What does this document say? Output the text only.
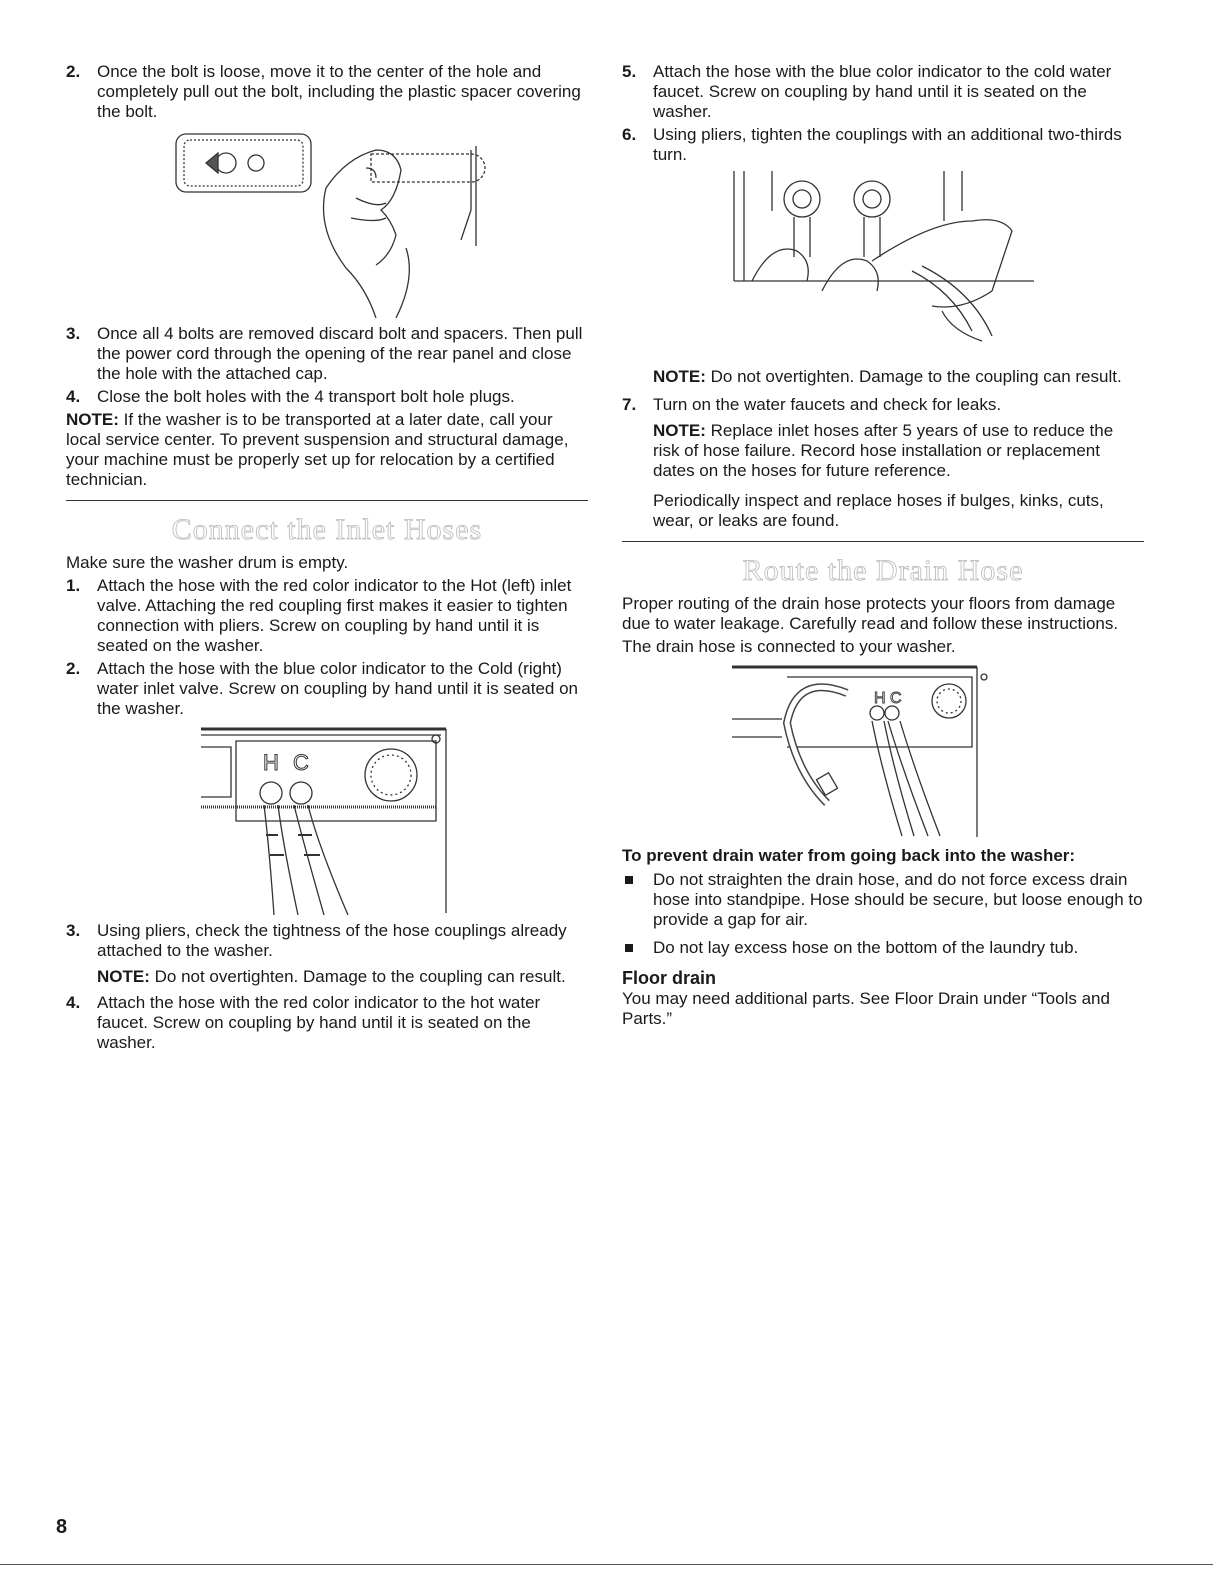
2. Once the bolt is loose, move it to the center of the hole and completely pull out the bolt, including the plastic spacer covering the bolt.
3. Once all 4 bolts are removed discard bolt and spacers. Then pull the power cord through the opening of the rear panel and close the hole with the attached cap.
4. Close the bolt holes with the 4 transport bolt hole plugs.

NOTE: If the washer is to be transported at a later date, call your local service center. To prevent suspension and structural damage, your machine must be properly set up for relocation by a certified technician.

Connect the Inlet Hoses

Make sure the washer drum is empty.

1. Attach the hose with the red color indicator to the Hot (left) inlet valve. Attaching the red coupling first makes it easier to tighten connection with pliers. Screw on coupling by hand until it is seated on the washer.
2. Attach the hose with the blue color indicator to the Cold (right) water inlet valve. Screw on coupling by hand until it is seated on the washer.
H C
3. Using pliers, check the tightness of the hose couplings already attached to the washer.

NOTE: Do not overtighten. Damage to the coupling can result.

4. Attach the hose with the red color indicator to the hot water faucet. Screw on coupling by hand until it is seated on the washer.
5. Attach the hose with the blue color indicator to the cold water faucet. Screw on coupling by hand until it is seated on the washer.
6. Using pliers, tighten the couplings with an additional two-thirds turn.

NOTE: Do not overtighten. Damage to the coupling can result.

7. Turn on the water faucets and check for leaks.

NOTE: Replace inlet hoses after 5 years of use to reduce the risk of hose failure. Record hose installation or replacement dates on the hoses for future reference.

Periodically inspect and replace hoses if bulges, kinks, cuts, wear, or leaks are found.

Route the Drain Hose

Proper routing of the drain hose protects your floors from damage due to water leakage. Carefully read and follow these instructions.

The drain hose is connected to your washer.

H C
To prevent drain water from going back into the washer:
Do not straighten the drain hose, and do not force excess drain hose into standpipe. Hose should be secure, but loose enough to provide a gap for air.
Do not lay excess hose on the bottom of the laundry tub.
Floor drain

You may need additional parts. See Floor Drain under “Tools and Parts.”

8
